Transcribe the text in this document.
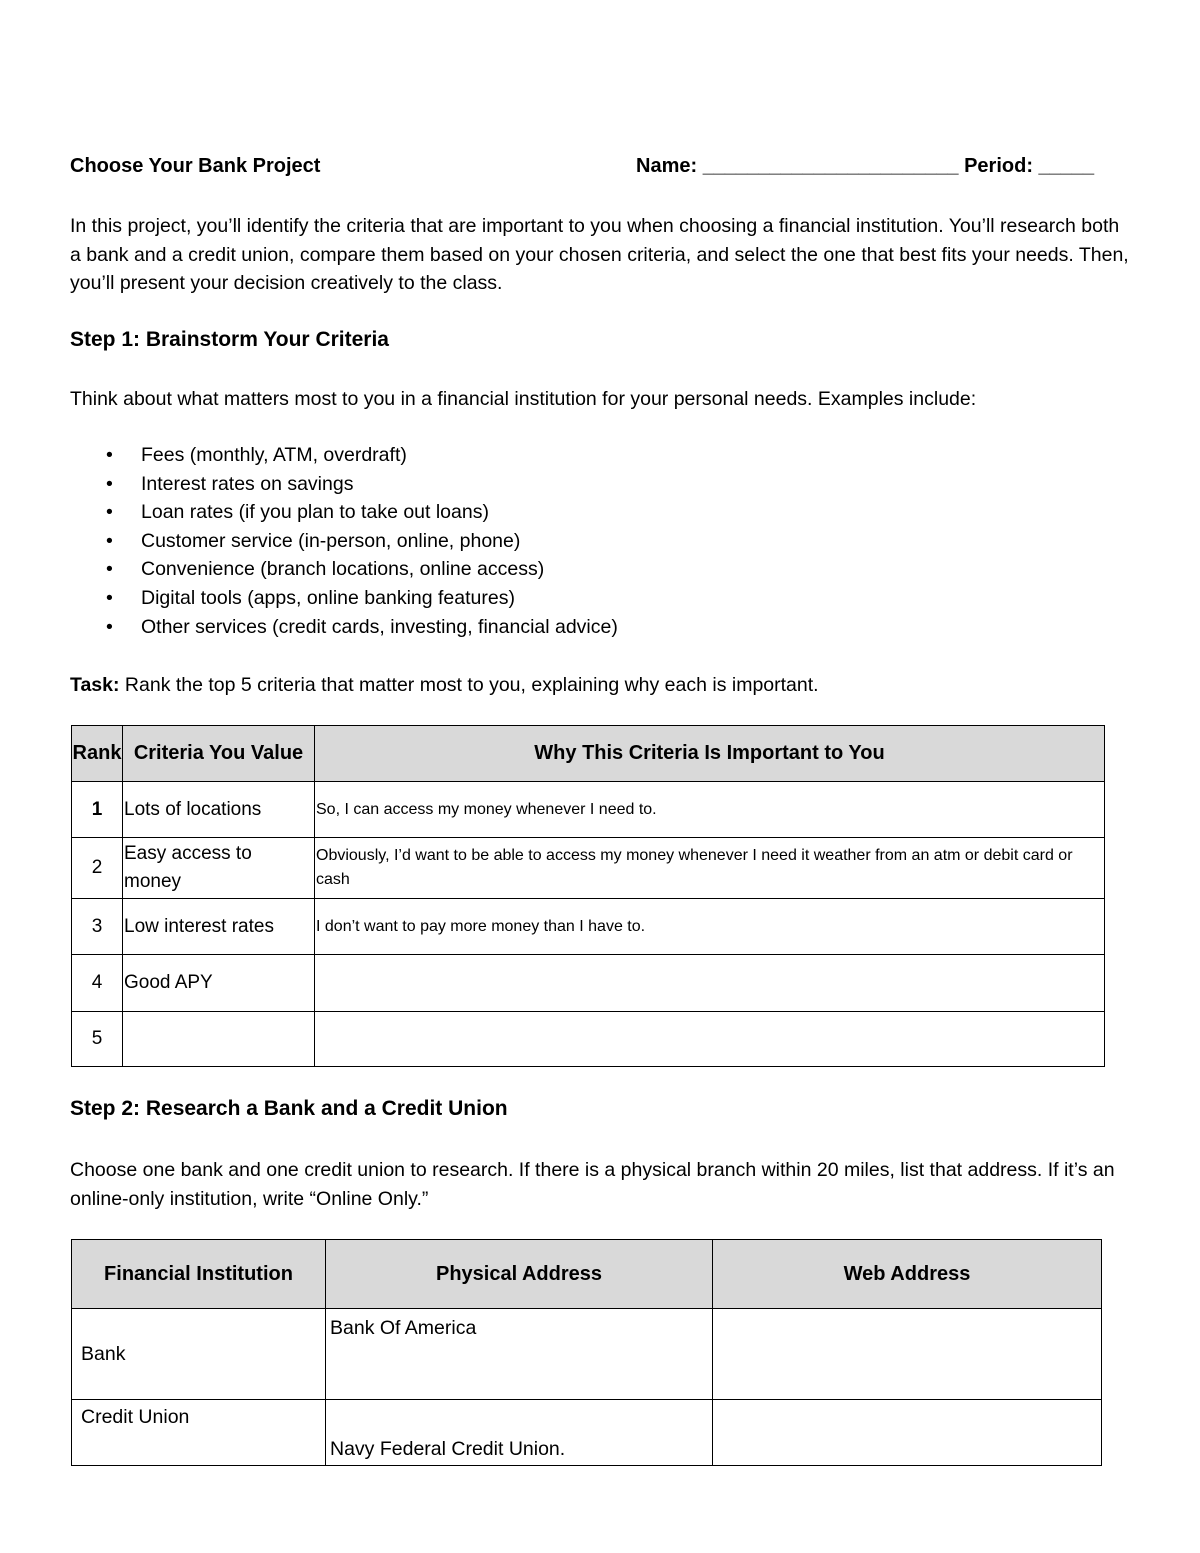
Choose Your Bank Project	Name: _______________________ Period: _____
In this project, you’ll identify the criteria that are important to you when choosing a financial institution. You’ll research both a bank and a credit union, compare them based on your chosen criteria, and select the one that best fits your needs. Then, you’ll present your decision creatively to the class.
Step 1: Brainstorm Your Criteria
Think about what matters most to you in a financial institution for your personal needs. Examples include:
• Fees (monthly, ATM, overdraft)
• Interest rates on savings
• Loan rates (if you plan to take out loans)
• Customer service (in-person, online, phone)
• Convenience (branch locations, online access)
• Digital tools (apps, online banking features)
• Other services (credit cards, investing, financial advice)
Task: Rank the top 5 criteria that matter most to you, explaining why each is important.
Rank	Criteria You Value	Why This Criteria Is Important to You
1	Lots of locations	So, I can access my money whenever I need to.
2	Easy access to money	Obviously, I’d want to be able to access my money whenever I need it weather from an atm or debit card or cash
3	Low interest rates	I don’t want to pay more money than I have to.
4	Good APY	
5		
Step 2: Research a Bank and a Credit Union
Choose one bank and one credit union to research. If there is a physical branch within 20 miles, list that address. If it’s an online-only institution, write “Online Only.”
Financial Institution	Physical Address	Web Address
Bank	Bank Of America	
Credit Union	Navy Federal Credit Union.	
